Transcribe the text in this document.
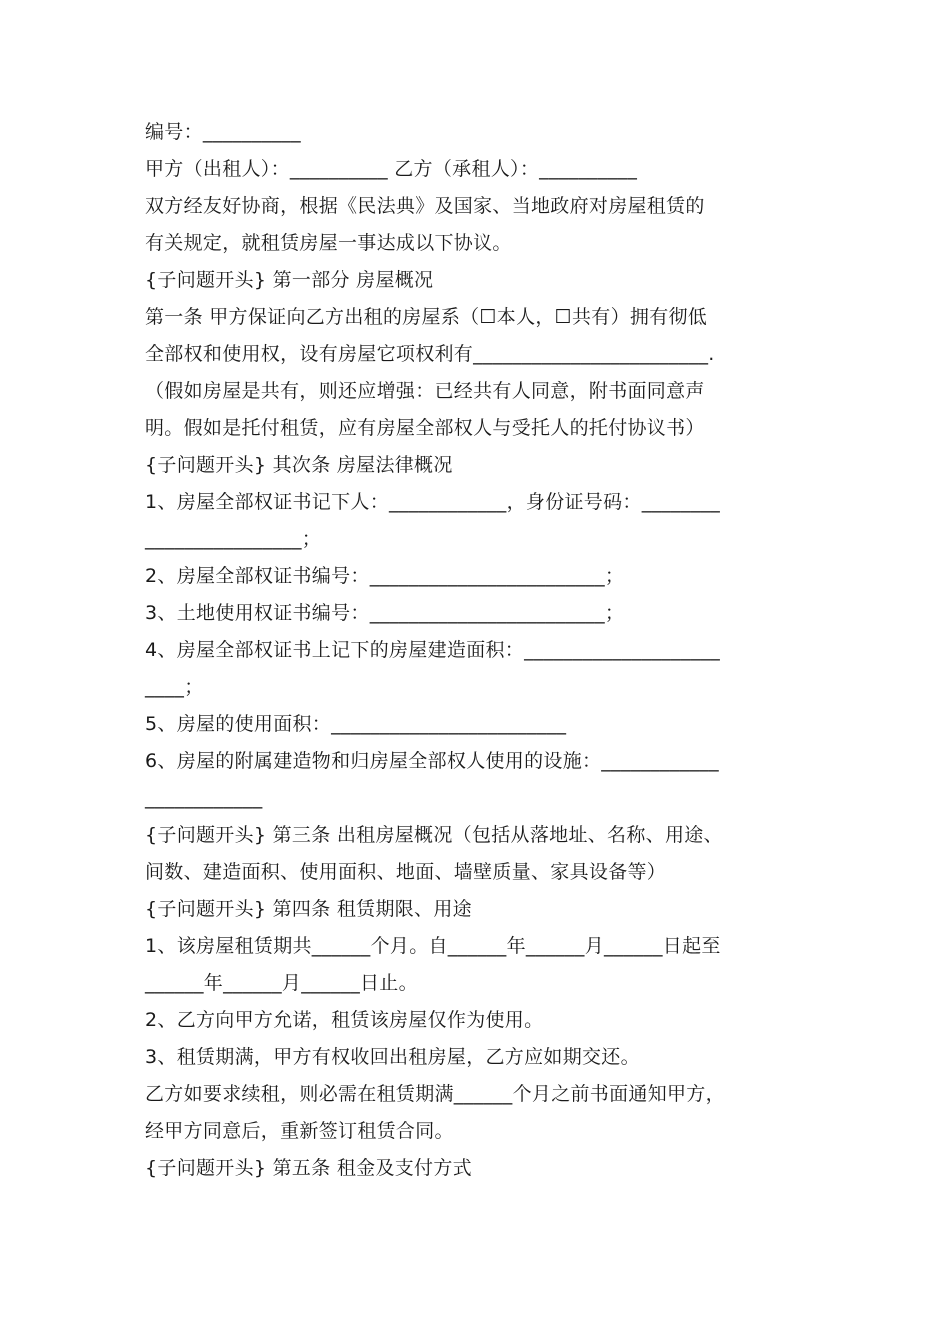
编号：__________
甲方（出租人）：__________ 乙方（承租人）：__________
双方经友好协商，根据《民法典》及国家、当地政府对房屋租赁的
有关规定，就租赁房屋一事达成以下协议。
{子问题开头} 第一部分 房屋概况
第一条 甲方保证向乙方出租的房屋系（☐本人，☐共有）拥有彻低
全部权和使用权，设有房屋它项权利有________________________.
（假如房屋是共有，则还应增强：已经共有人同意，附书面同意声
明。假如是托付租赁，应有房屋全部权人与受托人的托付协议书）
{子问题开头} 其次条 房屋法律概况
1、房屋全部权证书记下人：____________，身份证号码：________
________________；
2、房屋全部权证书编号：________________________；
3、土地使用权证书编号：________________________；
4、房屋全部权证书上记下的房屋建造面积：____________________
____；
5、房屋的使用面积：________________________
6、房屋的附属建造物和归房屋全部权人使用的设施：____________
____________
{子问题开头} 第三条 出租房屋概况（包括从落地址、名称、用途、
间数、建造面积、使用面积、地面、墙壁质量、家具设备等）
{子问题开头} 第四条 租赁期限、用途
1、该房屋租赁期共______个月。自______年______月______日起至
______年______月______日止。
2、乙方向甲方允诺，租赁该房屋仅作为使用。
3、租赁期满，甲方有权收回出租房屋，乙方应如期交还。
乙方如要求续租，则必需在租赁期满______个月之前书面通知甲方，
经甲方同意后，重新签订租赁合同。
{子问题开头} 第五条 租金及支付方式
